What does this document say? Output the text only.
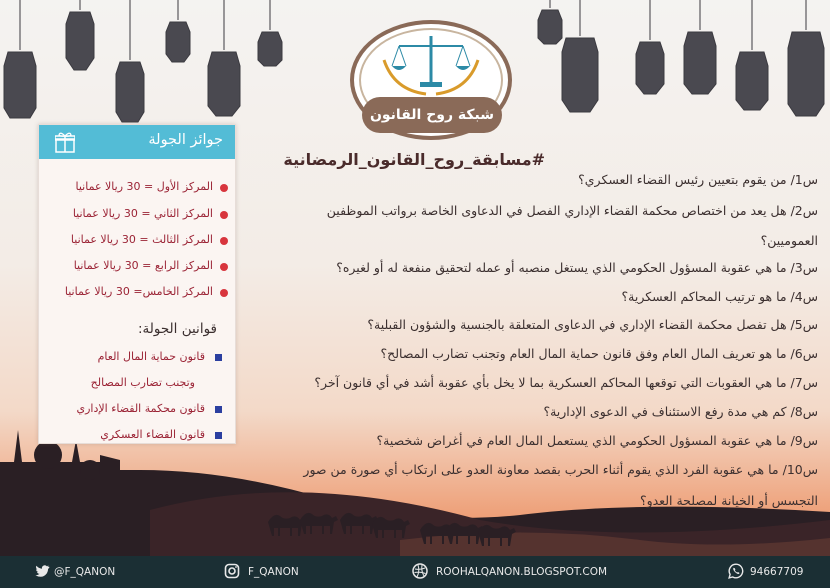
شبكة روح القانون
#مسابقة_روح_القانون_الرمضانية
س1/ من يقوم بتعيين رئيس القضاء العسكري؟
س2/ هل يعد من اختصاص محكمة القضاء الإداري الفصل في الدعاوى الخاصة برواتب الموظفين
العموميين؟
س3/ ما هي عقوبة المسؤول الحكومي الذي يستغل منصبه أو عمله لتحقيق منفعة له أو لغيره؟
س4/ ما هو ترتيب المحاكم العسكرية؟
س5/ هل تفصل محكمة القضاء الإداري في الدعاوى المتعلقة بالجنسية والشؤون القبلية؟
س6/ ما هو تعريف المال العام وفق قانون حماية المال العام وتجنب تضارب المصالح؟
س7/ ما هي العقوبات التي توقعها المحاكم العسكرية بما لا يخل بأي عقوبة أشد في أي قانون آخر؟
س8/ كم هي مدة رفع الاستئناف في الدعوى الإدارية؟
س9/ ما هي عقوبة المسؤول الحكومي الذي يستعمل المال العام في أغراض شخصية؟
س10/ ما هي عقوبة الفرد الذي يقوم أثناء الحرب بقصد معاونة العدو على ارتكاب أي صورة من صور
التجسس أو الخيانة لمصلحة العدو؟
جوائز الجولة
المركز الأول = 30 ريالا عمانيا
المركز الثاني = 30 ريالا عمانيا
المركز الثالث = 30 ريالا عمانيا
المركز الرابع = 30 ريالا عمانيا
المركز الخامس= 30 ريالا عمانيا
قوانين الجولة:
قانون حماية المال العام
وتجنب تضارب المصالح
قانون محكمة القضاء الإداري
قانون القضاء العسكري
@F_QANON	F_QANON	ROOHALQANON.BLOGSPOT.COM	94667709
